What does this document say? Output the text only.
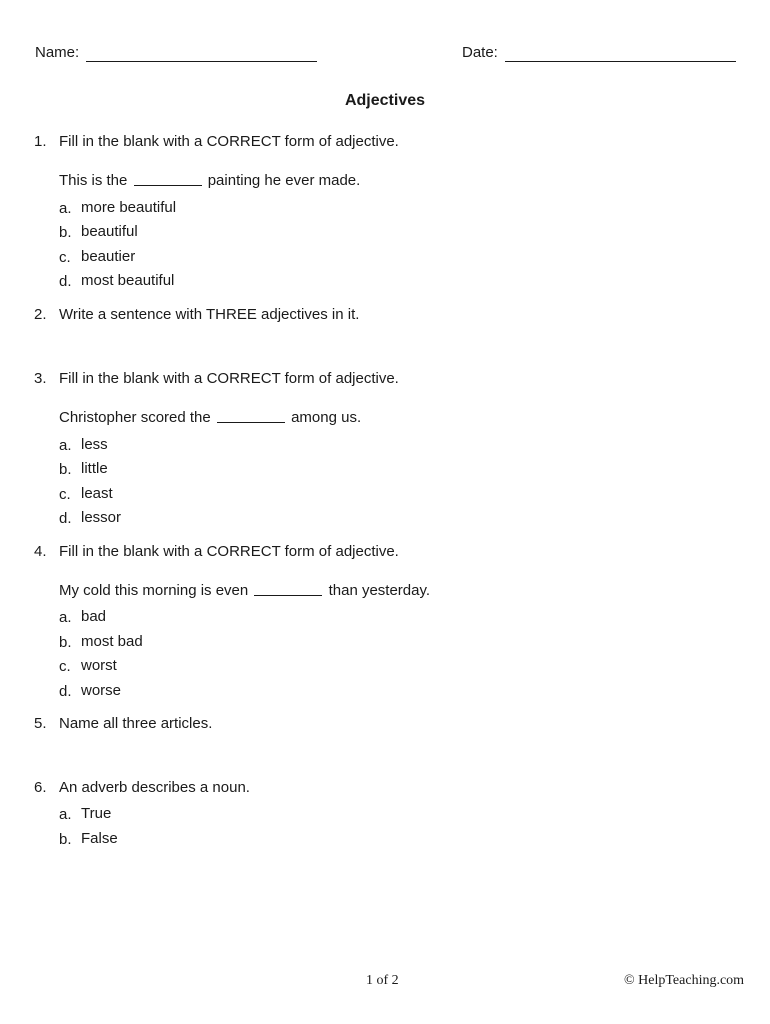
Name:	Date:
Adjectives
1. Fill in the blank with a CORRECT form of adjective.
This is the	painting he ever made.
a. more beautiful
b. beautiful
c. beautier
d. most beautiful
2. Write a sentence with THREE adjectives in it.
3. Fill in the blank with a CORRECT form of adjective.
Christopher scored the	among us.
a. less
b. little
c. least
d. lessor
4. Fill in the blank with a CORRECT form of adjective.
My cold this morning is even	than yesterday.
a. bad
b. most bad
c. worst
d. worse
5. Name all three articles.
6. An adverb describes a noun.
a. True
b. False
1 of 2	© HelpTeaching.com
